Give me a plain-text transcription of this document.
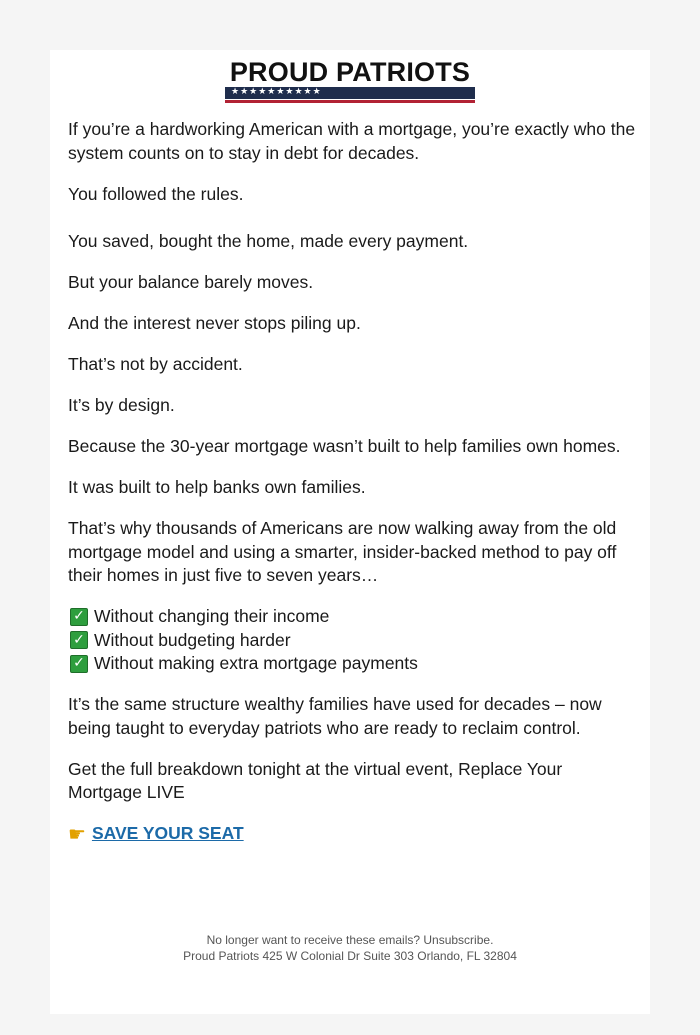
PROUD PATRIOTS
★★★★★★★★★★

If you’re a hardworking American with a mortgage, you’re exactly who the system counts on to stay in debt for decades.

You followed the rules.

You saved, bought the home, made every payment.

But your balance barely moves.

And the interest never stops piling up.

That’s not by accident.

It’s by design.

Because the 30-year mortgage wasn’t built to help families own homes.

It was built to help banks own families.

That’s why thousands of Americans are now walking away from the old mortgage model and using a smarter, insider-backed method to pay off their homes in just five to seven years…

✓ Without changing their income
✓ Without budgeting harder
✓ Without making extra mortgage payments

It’s the same structure wealthy families have used for decades – now being taught to everyday patriots who are ready to reclaim control.

Get the full breakdown tonight at the virtual event, Replace Your Mortgage LIVE

☛ SAVE YOUR SEAT
No longer want to receive these emails? Unsubscribe.
Proud Patriots 425 W Colonial Dr Suite 303 Orlando, FL 32804
